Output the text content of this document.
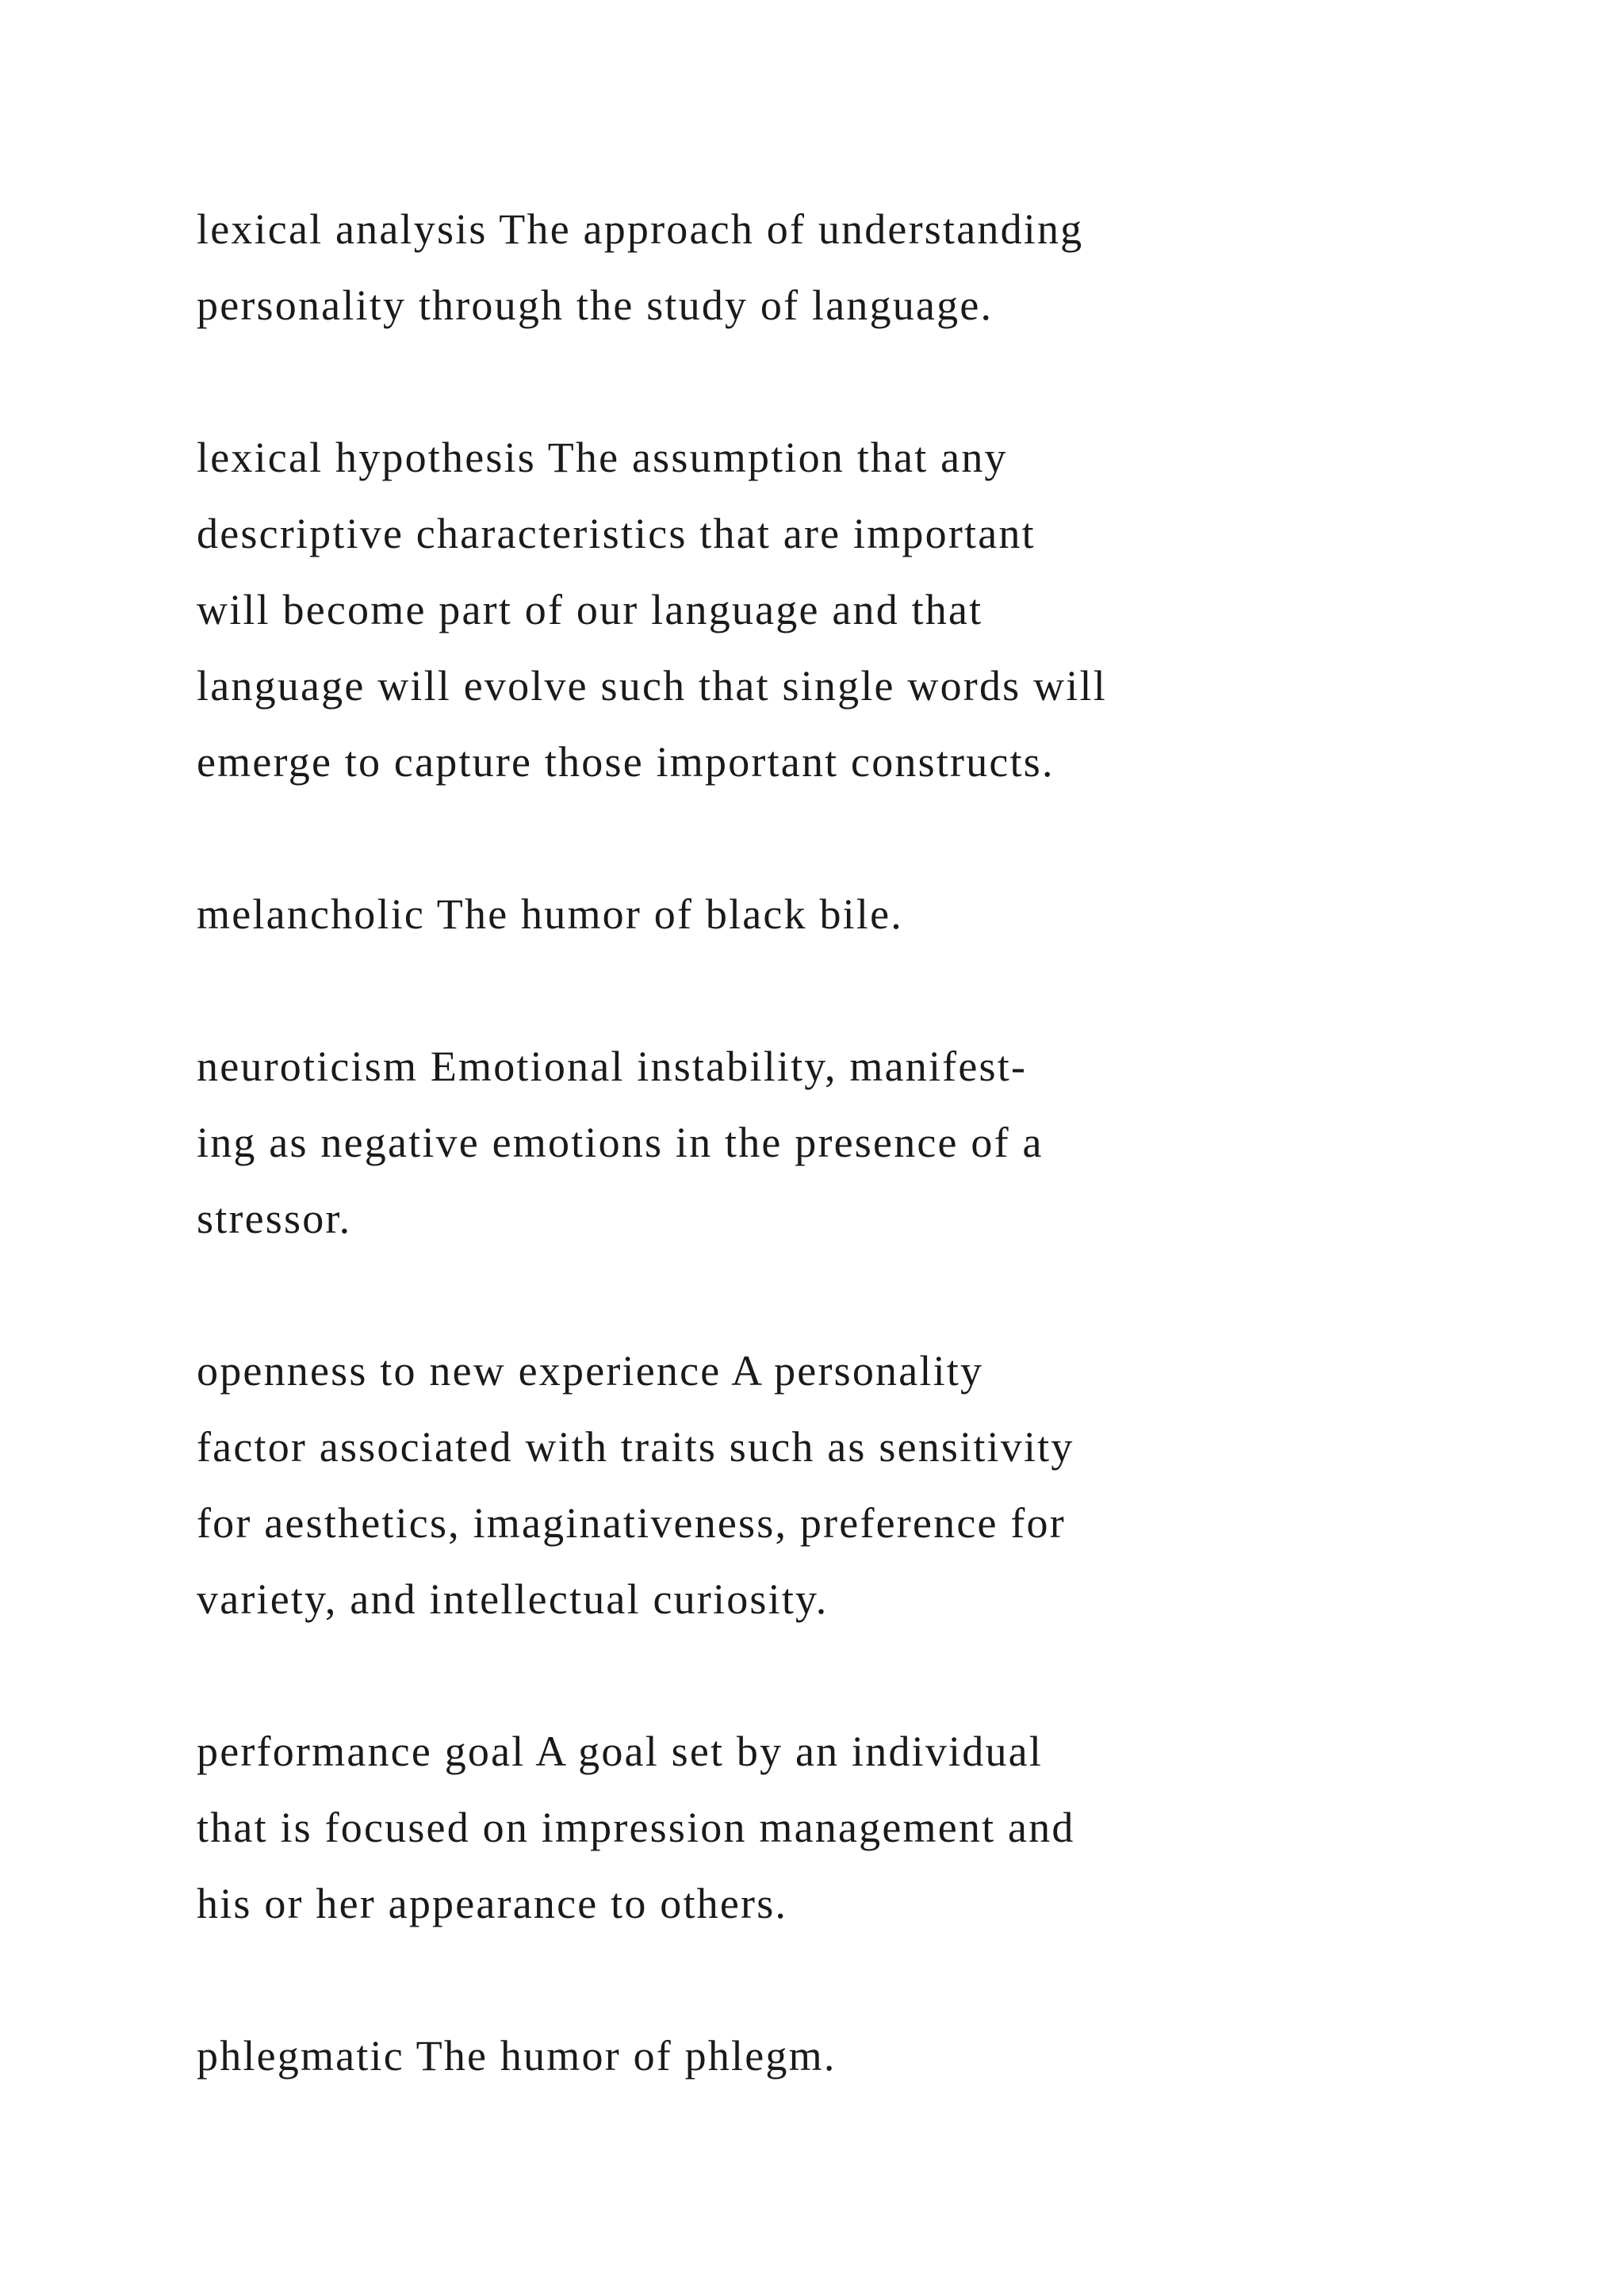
lexical analysis The approach of understanding
personality through the study of language.
lexical hypothesis The assumption that any
descriptive characteristics that are important
will become part of our language and that
language will evolve such that single words will
emerge to capture those important constructs.
melancholic The humor of black bile.
neuroticism Emotional instability, manifest-
ing as negative emotions in the presence of a
stressor.
openness to new experience A personality
factor associated with traits such as sensitivity
for aesthetics, imaginativeness, preference for
variety, and intellectual curiosity.
performance goal A goal set by an individual
that is focused on impression management and
his or her appearance to others.
phlegmatic The humor of phlegm.
